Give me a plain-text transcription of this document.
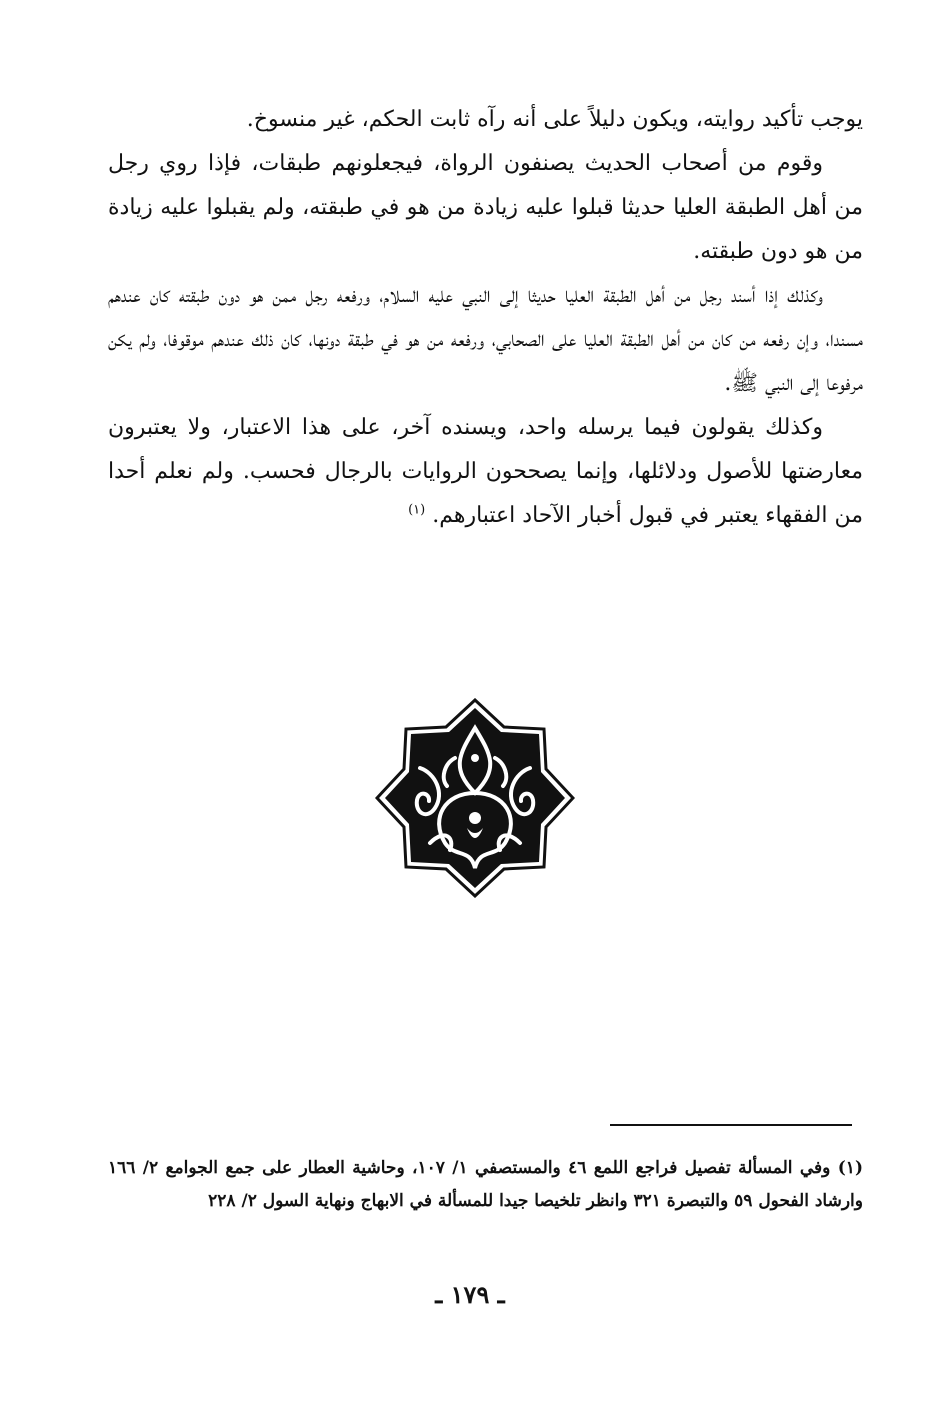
يوجب تأكيد روايته، ويكون دليلاً على أنه رآه ثابت الحكم، غير منسوخ.

وقوم من أصحاب الحديث يصنفون الرواة، فيجعلونهم طبقات، فإذا روي رجل من أهل الطبقة العليا حديثا قبلوا عليه زيادة من هو في طبقته، ولم يقبلوا عليه زيادة من هو دون طبقته.

وكذلك إذا أسند رجل من أهل الطبقة العليا حديثا إلى النبي عليه السلام، ورفعه رجل ممن هو دون طبقته كان عندهم مسندا، وإن رفعه من كان من أهل الطبقة العليا على الصحابي، ورفعه من هو في طبقة دونها، كان ذلك عندهم موقوفا، ولم يكن مرفوعا إلى النبي ﷺ.

وكذلك يقولون فيما يرسله واحد، ويسنده آخر، على هذا الاعتبار، ولا يعتبرون معارضتها للأصول ودلائلها، وإنما يصححون الروايات بالرجال فحسب. ولم نعلم أحدا من الفقهاء يعتبر في قبول أخبار الآحاد اعتبارهم. $^{(١)}$

(١) وفي المسألة تفصيل فراجع اللمع ٤٦ والمستصفي ١/ ١٠٧، وحاشية العطار على جمع الجوامع ٢/ ١٦٦ وارشاد الفحول ٥٩ والتبصرة ٣٢١ وانظر تلخيصا جيدا للمسألة في الابهاج ونهاية السول ٢/ ٢٢٨

ـ ١٧٩ ـ
